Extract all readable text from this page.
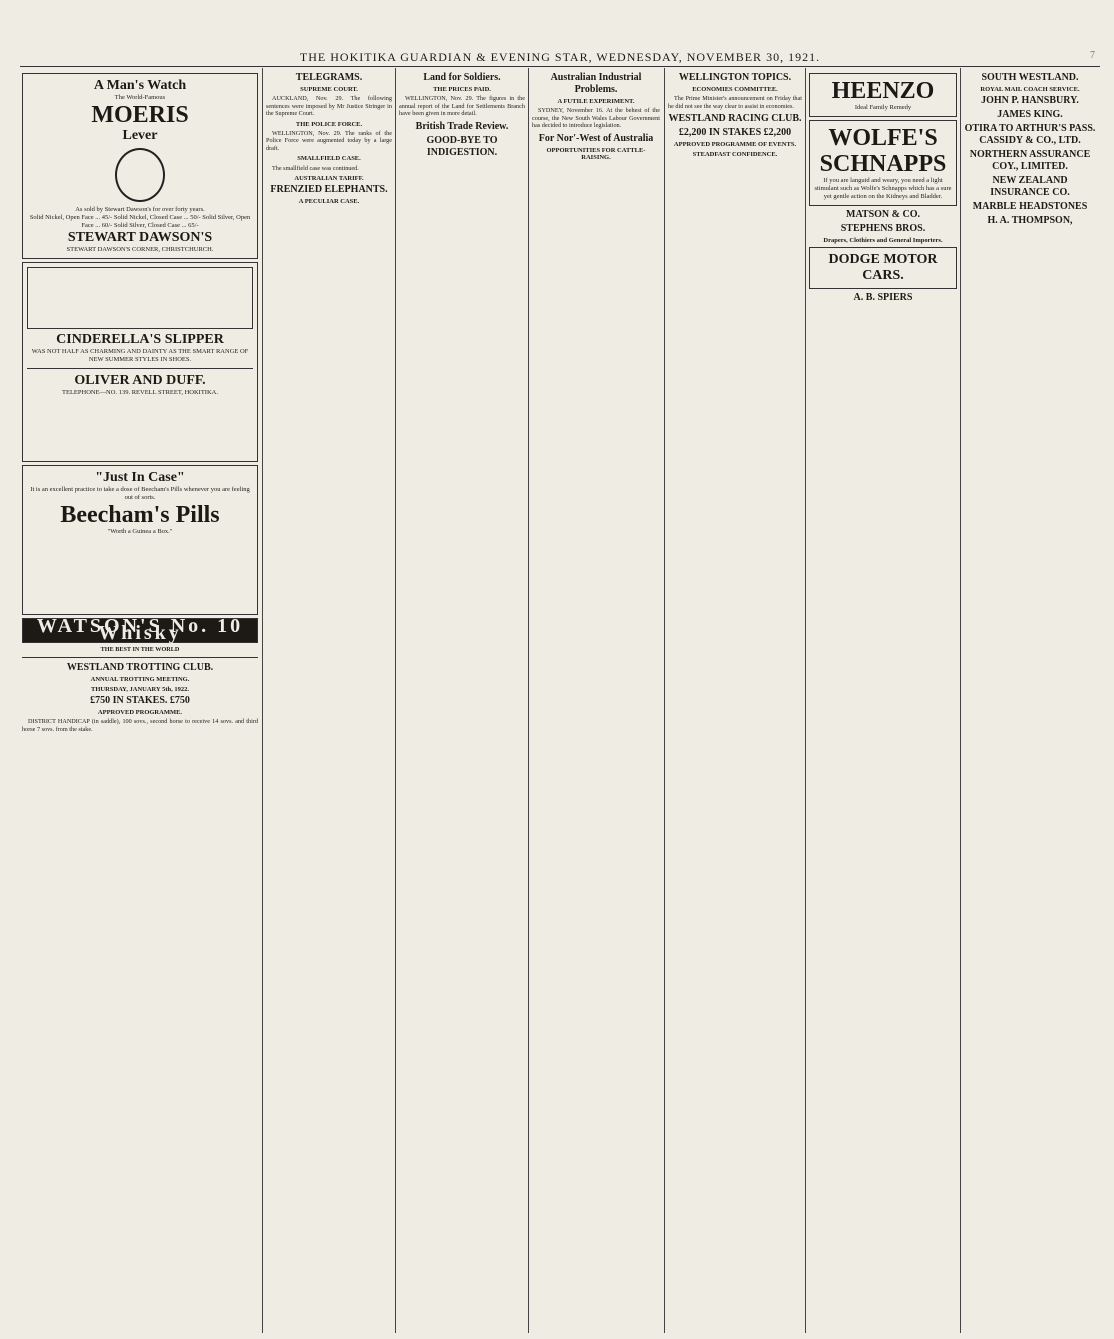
THE HOKITIKA GUARDIAN & EVENING STAR, WEDNESDAY, NOVEMBER 30, 1921.	7
A Man's Watch
The World-Famous
MOERIS
Lever
As sold by Stewart Dawson's for over forty years.
Solid Nickel, Open Face ... 45/- Solid Nickel, Closed Case ... 50/- Solid Silver, Open Face ... 60/- Solid Silver, Closed Case ... 65/-
STEWART DAWSON'S
STEWART DAWSON'S CORNER, CHRISTCHURCH.
CINDERELLA'S SLIPPER
WAS NOT HALF AS CHARMING AND DAINTY AS THE SMART RANGE OF NEW SUMMER STYLES IN SHOES.
OLIVER AND DUFF.
TELEPHONE—NO. 139. REVELL STREET, HOKITIKA.
"Just In Case"
It is an excellent practice to take a dose of Beecham's Pills whenever you are feeling out of sorts.
Beecham's Pills
"Worth a Guinea a Box."
WATSON'S No. 10 Whisky
THE BEST IN THE WORLD
WESTLAND TROTTING CLUB.
ANNUAL TROTTING MEETING.
THURSDAY, JANUARY 5th, 1922.
£750 IN STAKES. £750
APPROVED PROGRAMME.

DISTRICT HANDICAP (in saddle), 100 sovs., second horse to receive 14 sovs. and third horse 7 sovs. from the stake.

TELEGRAMS.
SUPREME COURT.

AUCKLAND, Nov. 29. The following sentences were imposed by Mr Justice Stringer in the Supreme Court.

THE POLICE FORCE.

WELLINGTON, Nov. 29. The ranks of the Police Force were augmented today by a large draft.

SMALLFIELD CASE.

The smallfield case was continued.

AUSTRALIAN TARIFF.
FRENZIED ELEPHANTS.
A PECULIAR CASE.
Land for Soldiers.
THE PRICES PAID.

WELLINGTON, Nov. 29. The figures in the annual report of the Land for Settlements Branch have been given in more detail.

British Trade Review.
GOOD-BYE TO INDIGESTION.
Australian Industrial Problems.
A FUTILE EXPERIMENT.

SYDNEY, November 16. At the behest of the course, the New South Wales Labour Government has decided to introduce legislation.

For Nor'-West of Australia
OPPORTUNITIES FOR CATTLE-RAISING.
WELLINGTON TOPICS.
ECONOMIES COMMITTEE.

The Prime Minister's announcement on Friday that he did not see the way clear to assist in economies.

WESTLAND RACING CLUB.
£2,200 IN STAKES £2,200
APPROVED PROGRAMME OF EVENTS.
STEADFAST CONFIDENCE.
HEENZO
Ideal Family Remedy
WOLFE'S SCHNAPPS
If you are languid and weary, you need a light stimulant such as Wolfe's Schnapps which has a sure yet gentle action on the Kidneys and Bladder.
MATSON & CO.
STEPHENS BROS.
Drapers, Clothiers and General Importers.
DODGE MOTOR CARS.
A. B. SPIERS
SOUTH WESTLAND.
ROYAL MAIL COACH SERVICE.
JOHN P. HANSBURY.
JAMES KING.
OTIRA TO ARTHUR'S PASS. CASSIDY & CO., LTD.
NORTHERN ASSURANCE COY., LIMITED.
NEW ZEALAND INSURANCE CO.
MARBLE HEADSTONES
H. A. THOMPSON,
